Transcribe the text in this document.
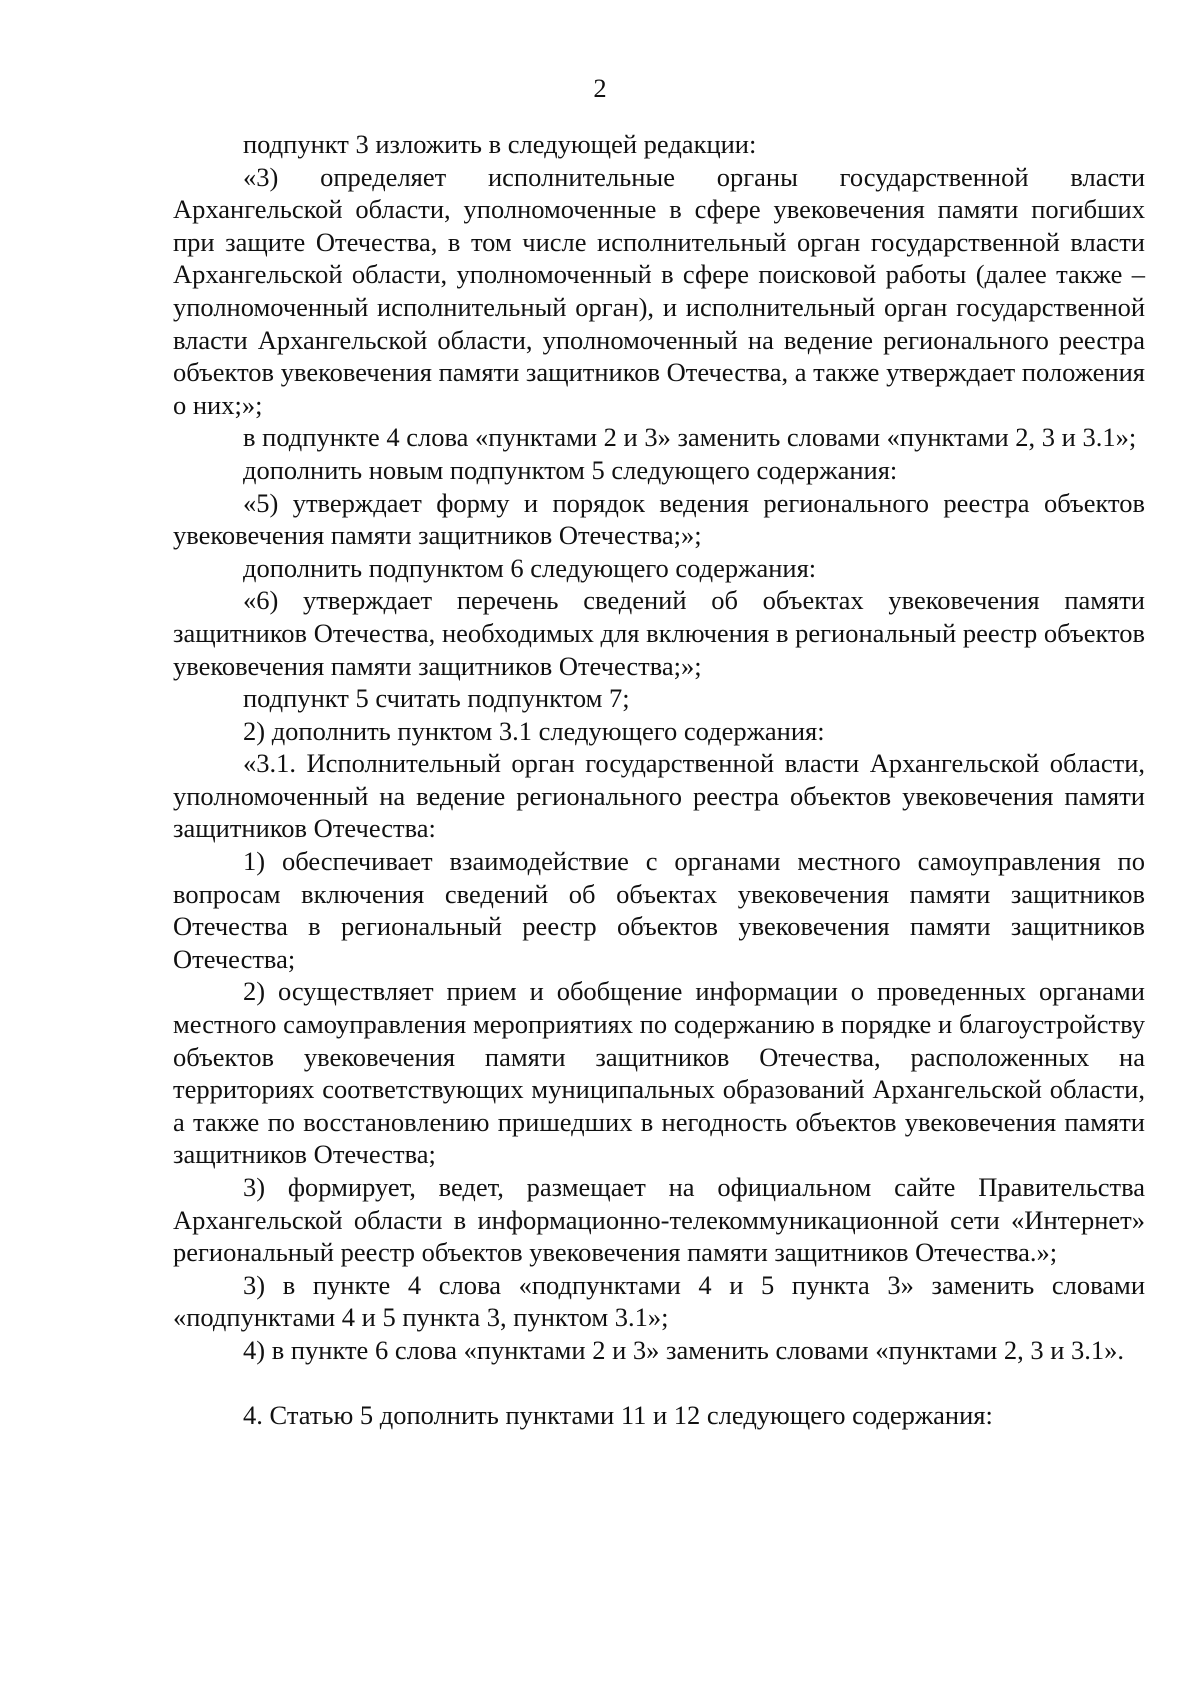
2

подпункт 3 изложить в следующей редакции:

«3) определяет исполнительные органы государственной власти Архангельской области, уполномоченные в сфере увековечения памяти погибших при защите Отечества, в том числе исполнительный орган государственной власти Архангельской области, уполномоченный в сфере поисковой работы (далее также – уполномоченный исполнительный орган), и исполнительный орган государственной власти Архангельской области, уполномоченный на ведение регионального реестра объектов увековечения памяти защитников Отечества, а также утверждает положения о них;»;

в подпункте 4 слова «пунктами 2 и 3» заменить словами «пунктами 2, 3 и 3.1»;

дополнить новым подпунктом 5 следующего содержания:

«5) утверждает форму и порядок ведения регионального реестра объектов увековечения памяти защитников Отечества;»;

дополнить подпунктом 6 следующего содержания:

«6) утверждает перечень сведений об объектах увековечения памяти защитников Отечества, необходимых для включения в региональный реестр объектов увековечения памяти защитников Отечества;»;

подпункт 5 считать подпунктом 7;

2) дополнить пунктом 3.1 следующего содержания:

«3.1. Исполнительный орган государственной власти Архангельской области, уполномоченный на ведение регионального реестра объектов увековечения памяти защитников Отечества:

1) обеспечивает взаимодействие с органами местного самоуправления по вопросам включения сведений об объектах увековечения памяти защитников Отечества в региональный реестр объектов увековечения памяти защитников Отечества;

2) осуществляет прием и обобщение информации о проведенных органами местного самоуправления мероприятиях по содержанию в порядке и благоустройству объектов увековечения памяти защитников Отечества, расположенных на территориях соответствующих муниципальных образований Архангельской области, а также по восстановлению пришедших в негодность объектов увековечения памяти защитников Отечества;

3) формирует, ведет, размещает на официальном сайте Правительства Архангельской области в информационно-телекоммуникационной сети «Интернет» региональный реестр объектов увековечения памяти защитников Отечества.»;

3) в пункте 4 слова «подпунктами 4 и 5 пункта 3» заменить словами «подпунктами 4 и 5 пункта 3, пунктом 3.1»;

4) в пункте 6 слова «пунктами 2 и 3» заменить словами «пунктами 2, 3 и 3.1».

4. Статью 5 дополнить пунктами 11 и 12 следующего содержания:
